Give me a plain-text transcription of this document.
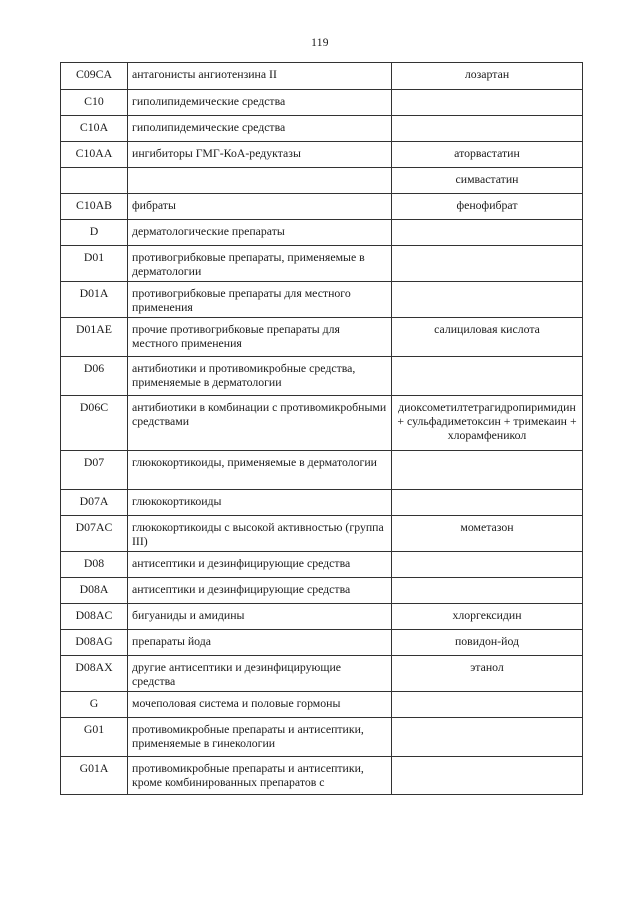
119
C09CA	антагонисты ангиотензина II	лозартан
C10	гиполипидемические средства	
C10A	гиполипидемические средства	
C10AA	ингибиторы ГМГ-КоА-редуктазы	аторвастатин
		симвастатин
C10AB	фибраты	фенофибрат
D	дерматологические препараты	
D01	противогрибковые препараты, применяемые в дерматологии	
D01A	противогрибковые препараты для местного применения	
D01AE	прочие противогрибковые препараты для местного применения	салициловая кислота
D06	антибиотики и противомикробные средства, применяемые в дерматологии	
D06C	антибиотики в комбинации с противомикробными средствами	диоксометилтетрагидропиримидин + сульфадиметоксин + тримекаин + хлорамфеникол
D07	глюкокортикоиды, применяемые в дерматологии	
D07A	глюкокортикоиды	
D07AC	глюкокортикоиды с высокой активностью (группа III)	мометазон
D08	антисептики и дезинфицирующие средства	
D08A	антисептики и дезинфицирующие средства	
D08AC	бигуаниды и амидины	хлоргексидин
D08AG	препараты йода	повидон-йод
D08AX	другие антисептики и дезинфицирующие средства	этанол
G	мочеполовая система и половые гормоны	
G01	противомикробные препараты и антисептики, применяемые в гинекологии	
G01A	противомикробные препараты и антисептики, кроме комбинированных препаратов с	
